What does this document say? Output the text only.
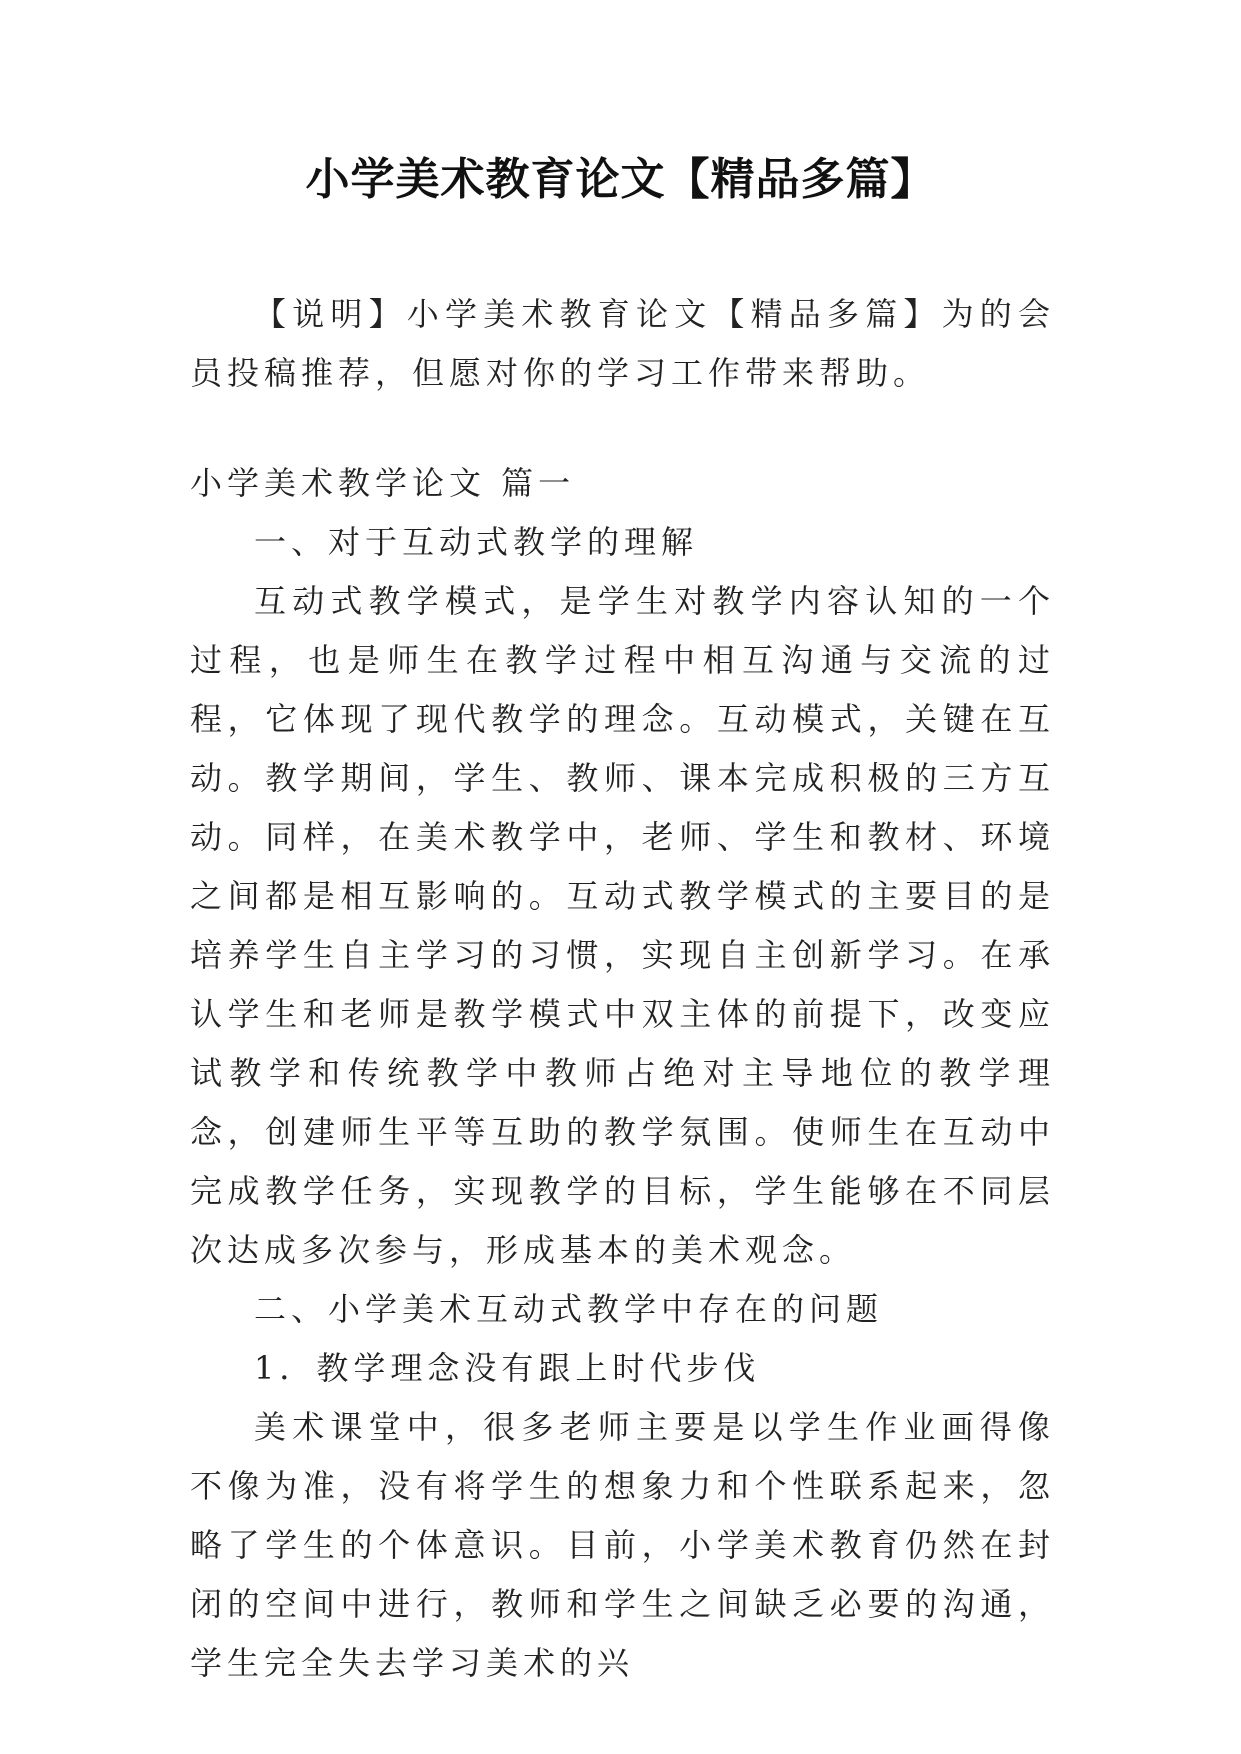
小学美术教育论文【精品多篇】

【说明】小学美术教育论文【精品多篇】为的会员投稿推荐，但愿对你的学习工作带来帮助。

小学美术教学论文 篇一

一、对于互动式教学的理解

互动式教学模式，是学生对教学内容认知的一个过程，也是师生在教学过程中相互沟通与交流的过程，它体现了现代教学的理念。互动模式，关键在互动。教学期间，学生、教师、课本完成积极的三方互动。同样，在美术教学中，老师、学生和教材、环境之间都是相互影响的。互动式教学模式的主要目的是培养学生自主学习的习惯，实现自主创新学习。在承认学生和老师是教学模式中双主体的前提下，改变应试教学和传统教学中教师占绝对主导地位的教学理念，创建师生平等互助的教学氛围。使师生在互动中完成教学任务，实现教学的目标，学生能够在不同层次达成多次参与，形成基本的美术观念。

二、小学美术互动式教学中存在的问题

1．教学理念没有跟上时代步伐

美术课堂中，很多老师主要是以学生作业画得像不像为准，没有将学生的想象力和个性联系起来，忽略了学生的个体意识。目前，小学美术教育仍然在封闭的空间中进行，教师和学生之间缺乏必要的沟通，学生完全失去学习美术的兴
